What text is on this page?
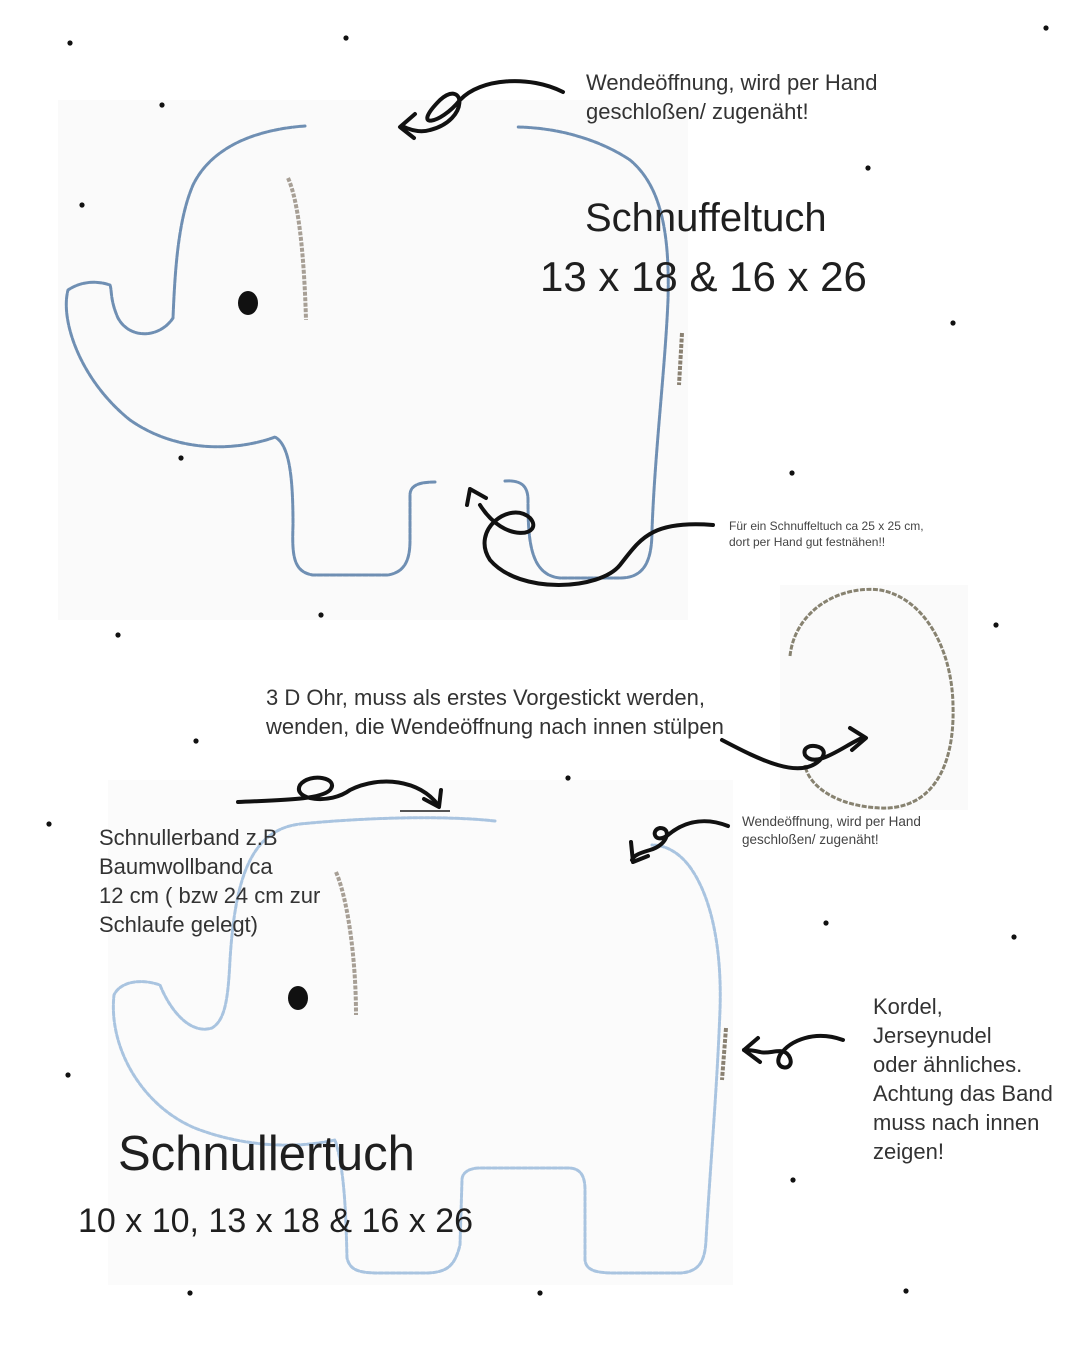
Wendeöffnung, wird per Hand
geschloßen/ zugenäht!
Schnuffeltuch
13 x 18 & 16 x 26
Für ein Schnuffeltuch ca 25 x 25 cm,
dort per Hand gut festnähen!!
3 D Ohr, muss als erstes Vorgestickt werden,
wenden, die Wendeöffnung nach innen stülpen
Schnullerband z.B
Baumwollband ca
12 cm ( bzw 24 cm zur
Schlaufe gelegt)
Wendeöffnung, wird per Hand
geschloßen/ zugenäht!
Kordel,
Jerseynudel
oder ähnliches.
Achtung das Band
muss nach innen
zeigen!
Schnullertuch
10 x 10, 13 x 18 & 16 x 26
